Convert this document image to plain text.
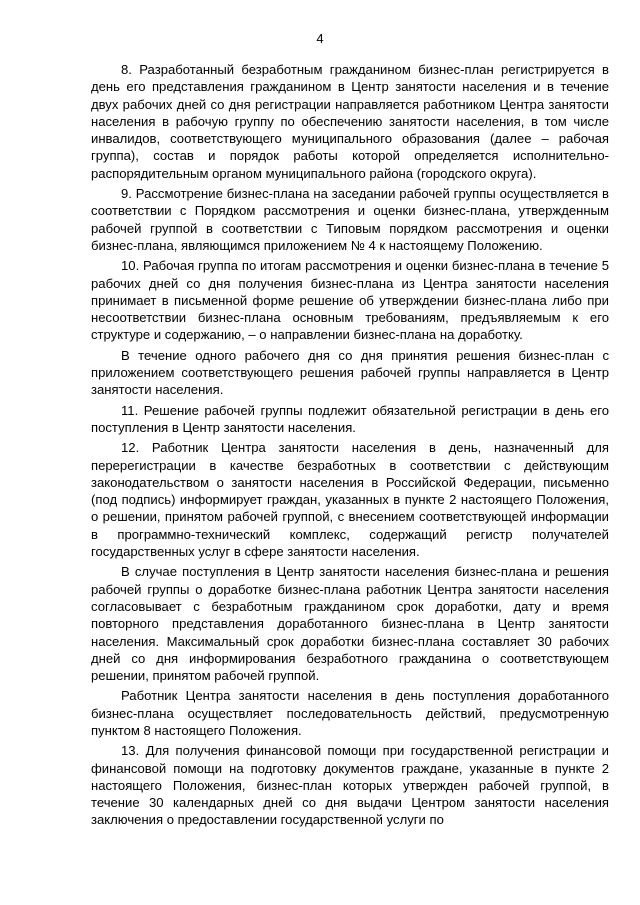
4

8. Разработанный безработным гражданином бизнес-план регистрируется в день его представления гражданином в Центр занятости населения и в течение двух рабочих дней со дня регистрации направляется работником Центра занятости населения в рабочую группу по обеспечению занятости населения, в том числе инвалидов, соответствующего муниципального образования (далее – рабочая группа), состав и порядок работы которой определяется исполнительно-распорядительным органом муниципального района (городского округа).

9. Рассмотрение бизнес-плана на заседании рабочей группы осуществляется в соответствии с Порядком рассмотрения и оценки бизнес-плана, утвержденным рабочей группой в соответствии с Типовым порядком рассмотрения и оценки бизнес-плана, являющимся приложением № 4 к настоящему Положению.

10. Рабочая группа по итогам рассмотрения и оценки бизнес-плана в течение 5 рабочих дней со дня получения бизнес-плана из Центра занятости населения принимает в письменной форме решение об утверждении бизнес-плана либо при несоответствии бизнес-плана основным требованиям, предъявляемым к его структуре и содержанию, – о направлении бизнес-плана на доработку.

В течение одного рабочего дня со дня принятия решения бизнес-план с приложением соответствующего решения рабочей группы направляется в Центр занятости населения.

11. Решение рабочей группы подлежит обязательной регистрации в день его поступления в Центр занятости населения.

12. Работник Центра занятости населения в день, назначенный для перерегистрации в качестве безработных в соответствии с действующим законодательством о занятости населения в Российской Федерации, письменно (под подпись) информирует граждан, указанных в пункте 2 настоящего Положения, о решении, принятом рабочей группой, с внесением соответствующей информации в программно-технический комплекс, содержащий регистр получателей государственных услуг в сфере занятости населения.

В случае поступления в Центр занятости населения бизнес-плана и решения рабочей группы о доработке бизнес-плана работник Центра занятости населения согласовывает с безработным гражданином срок доработки, дату и время повторного представления доработанного бизнес-плана в Центр занятости населения. Максимальный срок доработки бизнес-плана составляет 30 рабочих дней со дня информирования безработного гражданина о соответствующем решении, принятом рабочей группой.

Работник Центра занятости населения в день поступления доработанного бизнес-плана осуществляет последовательность действий, предусмотренную пунктом 8 настоящего Положения.

13. Для получения финансовой помощи при государственной регистрации и финансовой помощи на подготовку документов граждане, указанные в пункте 2 настоящего Положения, бизнес-план которых утвержден рабочей группой, в течение 30 календарных дней со дня выдачи Центром занятости населения заключения о предоставлении государственной услуги по
